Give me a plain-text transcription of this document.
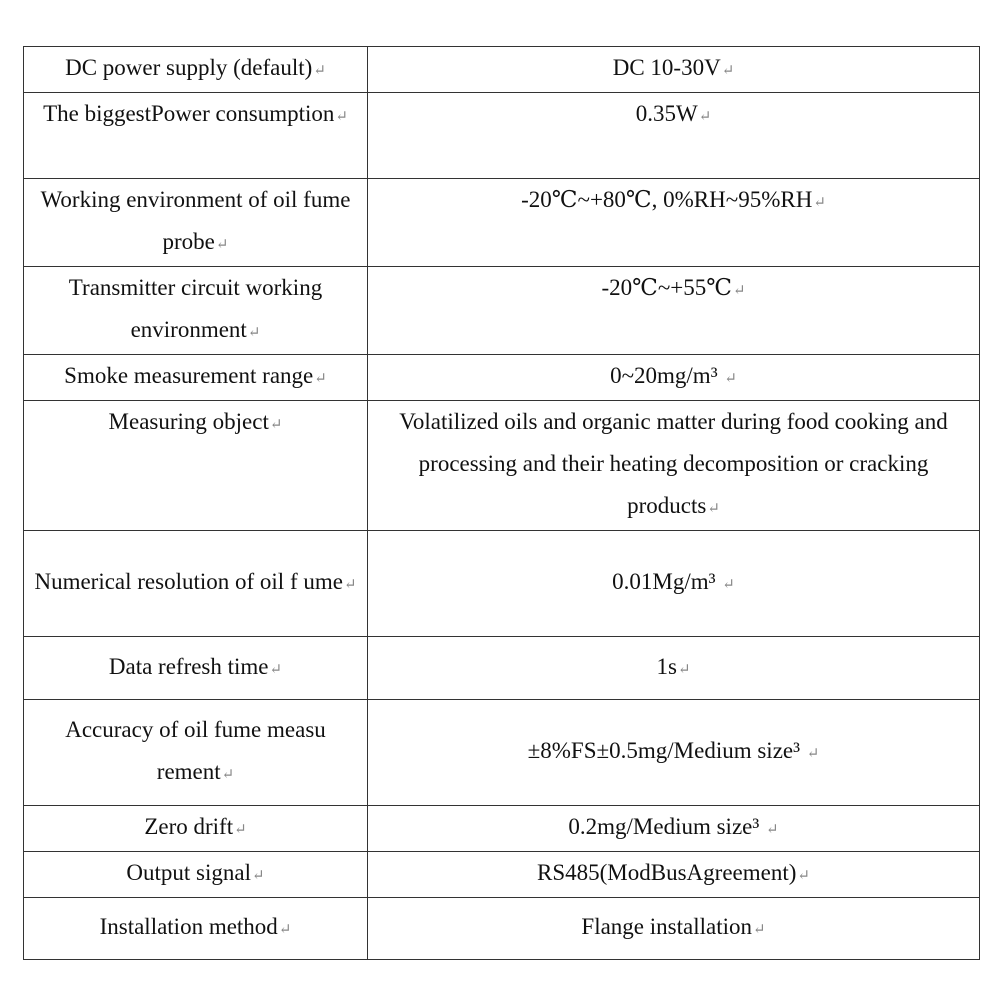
DC power supply (default)↵	DC 10-30V↵
The biggestPower consumption↵	0.35W↵
Working environment of oil fume probe↵	-20℃~+80℃, 0%RH~95%RH↵
Transmitter circuit working environment↵	-20℃~+55℃↵
Smoke measurement range↵	0~20mg/m³ ↵
Measuring object↵	Volatilized oils and organic matter during food cooking and processing and their heating decomposition or cracking products↵
Numerical resolution of oil f ume↵	0.01Mg/m³ ↵
Data refresh time↵	1s↵
Accuracy of oil fume measu rement↵	±8%FS±0.5mg/Medium size³ ↵
Zero drift↵	0.2mg/Medium size³ ↵
Output signal↵	RS485(ModBusAgreement)↵
Installation method↵	Flange installation↵
